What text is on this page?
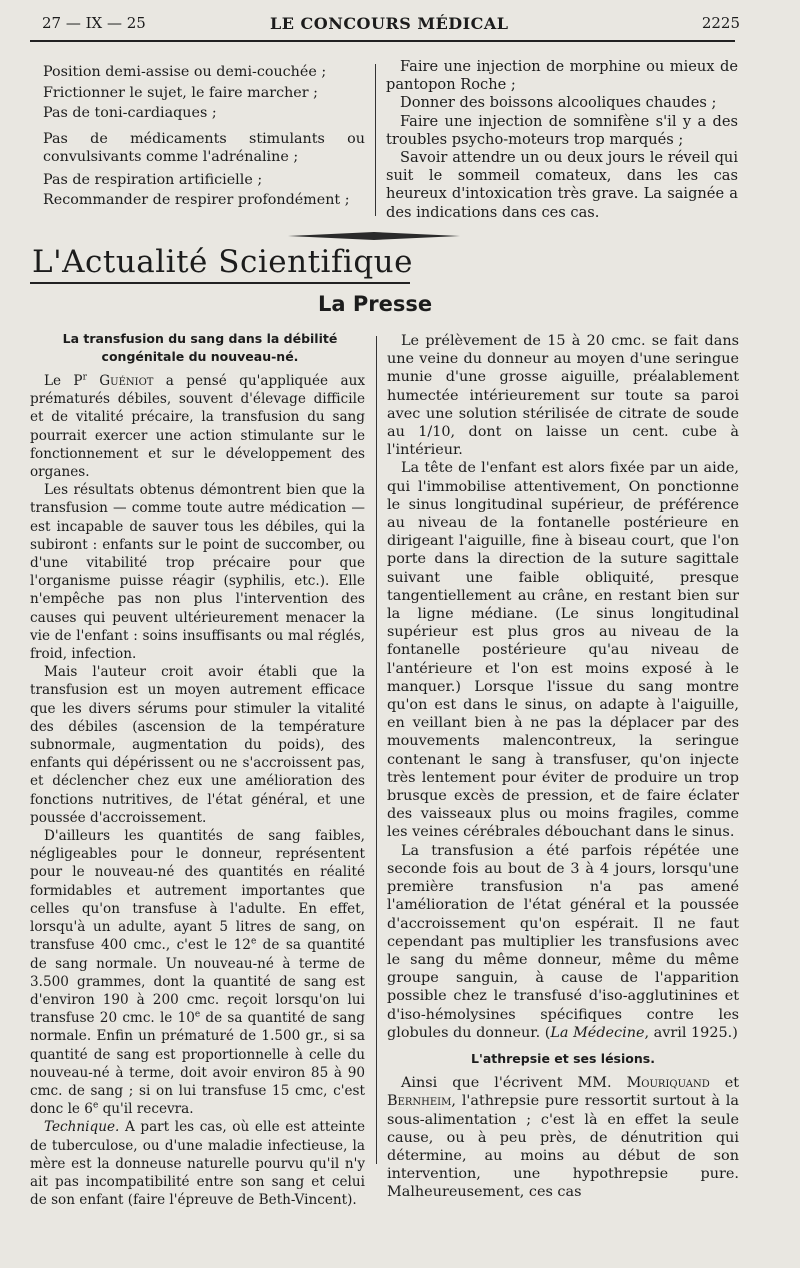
27 — IX — 25	LE CONCOURS MÉDICAL	2225

Position demi-assise ou demi-couchée ;

Frictionner le sujet, le faire marcher ;

Pas de toni-cardiaques ;

Pas de médicaments stimulants ou convulsivants comme l'adrénaline ;

Pas de respiration artificielle ;

Recommander de respirer profondément ;

Faire une injection de morphine ou mieux de pantopon Roche ;

Donner des boissons alcooliques chaudes ;

Faire une injection de somnifène s'il y a des troubles psycho-moteurs trop marqués ;

Savoir attendre un ou deux jours le réveil qui suit le sommeil comateux, dans les cas heureux d'intoxication très grave. La saignée a des indications dans ces cas.

L'Actualité Scientifique
La Presse
La transfusion du sang dans la débilité congénitale du nouveau-né.

Le $P^r$ Guéniot a pensé qu'appliquée aux prématurés débiles, souvent d'élevage difficile et de vitalité précaire, la transfusion du sang pourrait exercer une action stimulante sur le fonctionnement et sur le développement des organes.

Les résultats obtenus démontrent bien que la transfusion — comme toute autre médication — est incapable de sauver tous les débiles, qui la subiront : enfants sur le point de succomber, ou d'une vitabilité trop précaire pour que l'organisme puisse réagir (syphilis, etc.). Elle n'empêche pas non plus l'intervention des causes qui peuvent ultérieurement menacer la vie de l'enfant : soins insuffisants ou mal réglés, froid, infection.

Mais l'auteur croit avoir établi que la transfusion est un moyen autrement efficace que les divers sérums pour stimuler la vitalité des débiles (ascension de la température subnormale, augmentation du poids), des enfants qui dépérissent ou ne s'accroissent pas, et déclencher chez eux une amélioration des fonctions nutritives, de l'état général, et une poussée d'accroissement.

D'ailleurs les quantités de sang faibles, négligeables pour le donneur, représentent pour le nouveau-né des quantités en réalité formidables et autrement importantes que celles qu'on transfuse à l'adulte. En effet, lorsqu'à un adulte, ayant 5 litres de sang, on transfuse 400 cmc., c'est le 12e de sa quantité de sang normale. Un nouveau-né à terme de 3.500 grammes, dont la quantité de sang est d'environ 190 à 200 cmc. reçoit lorsqu'on lui transfuse 20 cmc. le 10e de sa quantité de sang normale. Enfin un prématuré de 1.500 gr., si sa quantité de sang est proportionnelle à celle du nouveau-né à terme, doit avoir environ 85 à 90 cmc. de sang ; si on lui transfuse 15 cmc, c'est donc le 6e qu'il recevra.

Technique. A part les cas, où elle est atteinte de tuberculose, ou d'une maladie infectieuse, la mère est la donneuse naturelle pourvu qu'il n'y ait pas incompatibilité entre son sang et celui de son enfant (faire l'épreuve de Beth-Vincent).

Le prélèvement de 15 à 20 cmc. se fait dans une veine du donneur au moyen d'une seringue munie d'une grosse aiguille, préalablement humectée intérieurement sur toute sa paroi avec une solution stérilisée de citrate de soude au 1/10, dont on laisse un cent. cube à l'intérieur.

La tête de l'enfant est alors fixée par un aide, qui l'immobilise attentivement, On ponctionne le sinus longitudinal supérieur, de préférence au niveau de la fontanelle postérieure en dirigeant l'aiguille, fine à biseau court, que l'on porte dans la direction de la suture sagittale suivant une faible obliquité, presque tangentiellement au crâne, en restant bien sur la ligne médiane. (Le sinus longitudinal supérieur est plus gros au niveau de la fontanelle postérieure qu'au niveau de l'antérieure et l'on est moins exposé à le manquer.) Lorsque l'issue du sang montre qu'on est dans le sinus, on adapte à l'aiguille, en veillant bien à ne pas la déplacer par des mouvements malencontreux, la seringue contenant le sang à transfuser, qu'on injecte très lentement pour éviter de produire un trop brusque excès de pression, et de faire éclater des vaisseaux plus ou moins fragiles, comme les veines cérébrales débouchant dans le sinus.

La transfusion a été parfois répétée une seconde fois au bout de 3 à 4 jours, lorsqu'une première transfusion n'a pas amené l'amélioration de l'état général et la poussée d'accroissement qu'on espérait. Il ne faut cependant pas multiplier les transfusions avec le sang du même donneur, même du même groupe sanguin, à cause de l'apparition possible chez le transfusé d'iso-agglutinines et d'iso-hémolysines spécifiques contre les globules du donneur. (La Médecine, avril 1925.)

L'athrepsie et ses lésions.

Ainsi que l'écrivent MM. Mouriquand et Bernheim, l'athrepsie pure ressortit surtout à la sous-alimentation ; c'est là en effet la seule cause, ou à peu près, de dénutrition qui détermine, au moins au début de son intervention, une hypothrepsie pure. Malheureusement, ces cas
